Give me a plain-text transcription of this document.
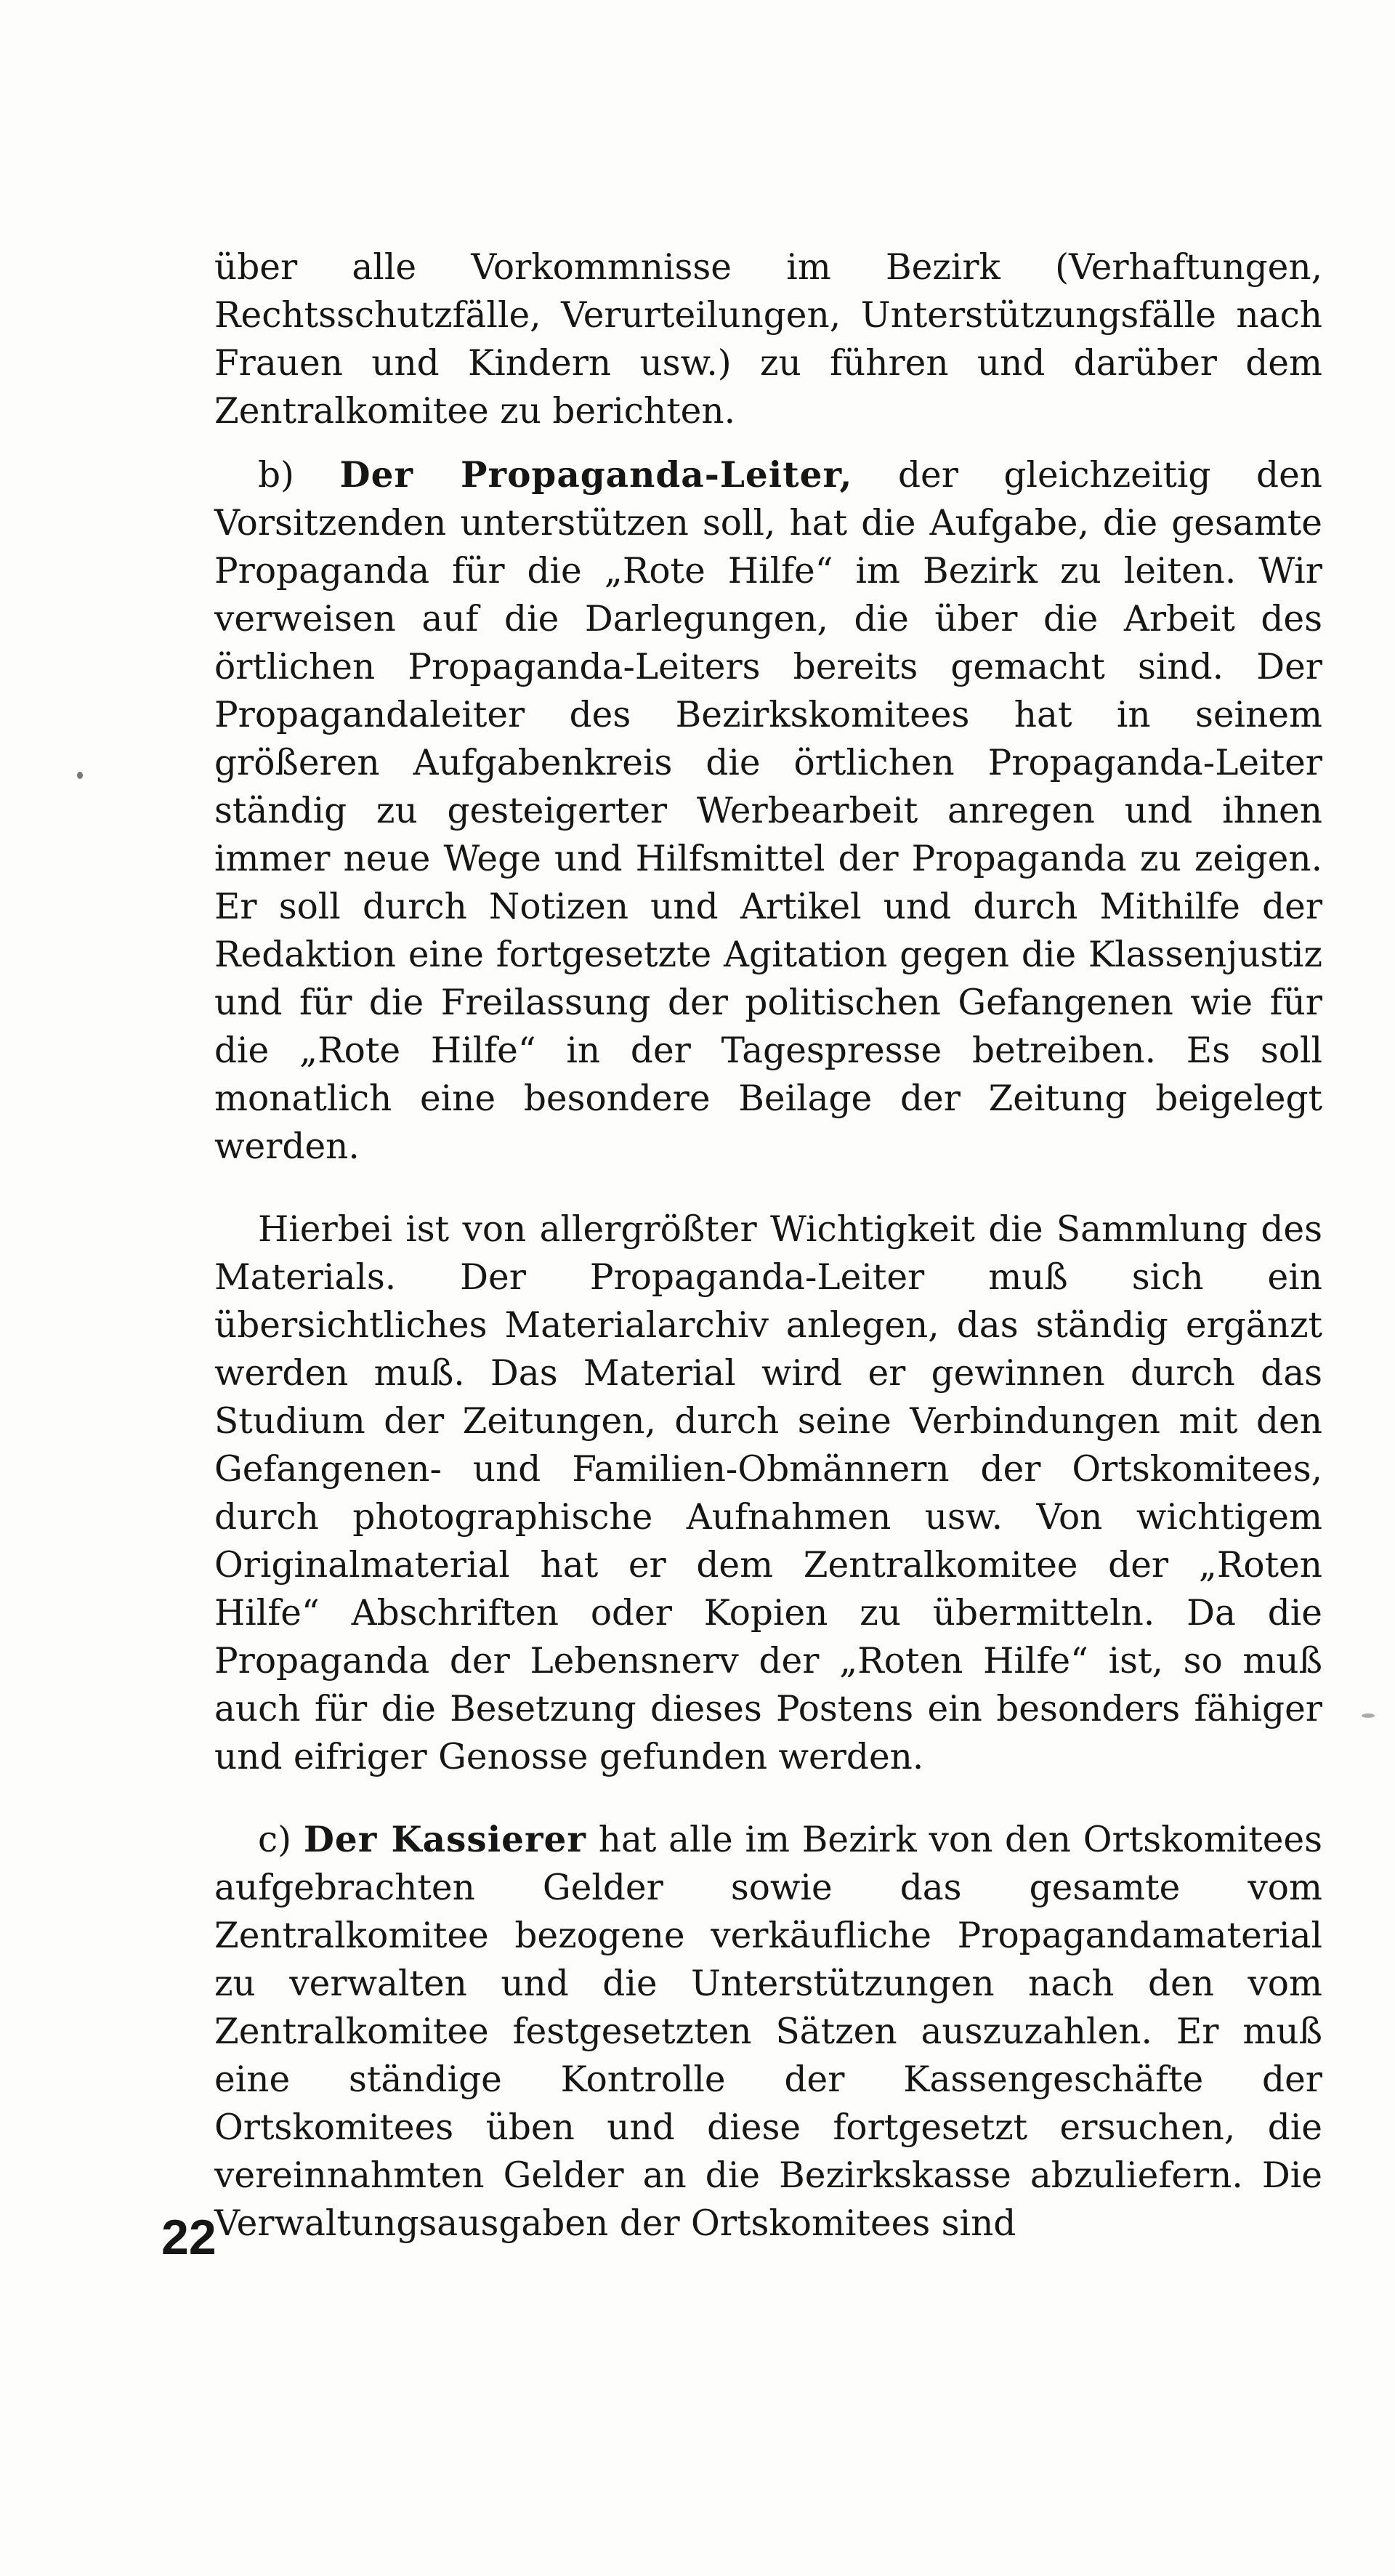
über alle Vorkommnisse im Bezirk (Verhaftungen, Rechtsschutzfälle, Verurteilungen, Unterstützungsfälle nach Frauen und Kindern usw.) zu führen und darüber dem Zentralkomitee zu berichten.

b) Der Propaganda-Leiter, der gleichzeitig den Vorsitzenden unterstützen soll, hat die Aufgabe, die gesamte Propaganda für die „Rote Hilfe“ im Bezirk zu leiten. Wir verweisen auf die Darlegungen, die über die Arbeit des örtlichen Propaganda-Leiters bereits gemacht sind. Der Propagandaleiter des Bezirkskomitees hat in seinem größeren Aufgabenkreis die örtlichen Propaganda-Leiter ständig zu gesteigerter Werbearbeit anregen und ihnen immer neue Wege und Hilfsmittel der Propaganda zu zeigen. Er soll durch Notizen und Artikel und durch Mithilfe der Redaktion eine fortgesetzte Agitation gegen die Klassenjustiz und für die Freilassung der politischen Gefangenen wie für die „Rote Hilfe“ in der Tagespresse betreiben. Es soll monatlich eine besondere Beilage der Zeitung beigelegt werden.

Hierbei ist von allergrößter Wichtigkeit die Sammlung des Materials. Der Propaganda-Leiter muß sich ein übersichtliches Materialarchiv anlegen, das ständig ergänzt werden muß. Das Material wird er gewinnen durch das Studium der Zeitungen, durch seine Verbindungen mit den Gefangenen- und Familien-Obmännern der Ortskomitees, durch photographische Aufnahmen usw. Von wichtigem Originalmaterial hat er dem Zentralkomitee der „Roten Hilfe“ Abschriften oder Kopien zu übermitteln. Da die Propaganda der Lebensnerv der „Roten Hilfe“ ist, so muß auch für die Besetzung dieses Postens ein besonders fähiger und eifriger Genosse gefunden werden.

c) Der Kassierer hat alle im Bezirk von den Ortskomitees aufgebrachten Gelder sowie das gesamte vom Zentralkomitee bezogene verkäufliche Propagandamaterial zu verwalten und die Unterstützungen nach den vom Zentralkomitee festgesetzten Sätzen auszuzahlen. Er muß eine ständige Kontrolle der Kassengeschäfte der Ortskomitees üben und diese fortgesetzt ersuchen, die vereinnahmten Gelder an die Bezirkskasse abzuliefern. Die Verwaltungsausgaben der Ortskomitees sind

22
